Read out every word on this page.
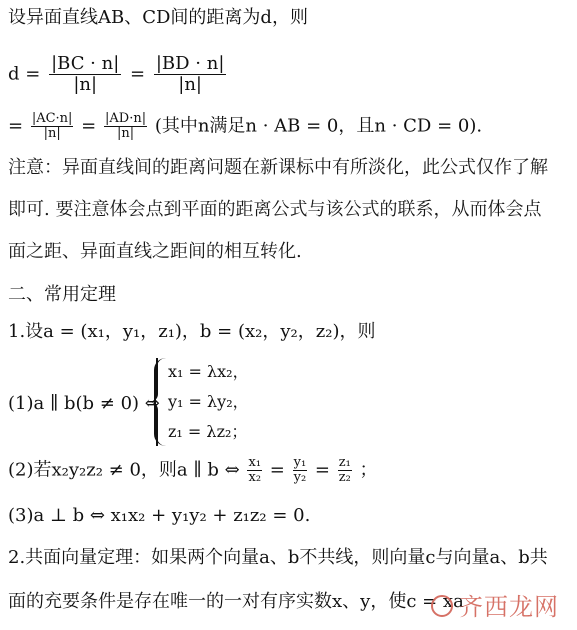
设异面直线AB、CD间的距离为d，则
$d = \frac{|BC \cdot n|}{|n|} = \frac{|BD \cdot n|}{|n|}$
= $\frac{|AC\cdot n|}{|n|} = \frac{|AD\cdot n|}{|n|}$ (其中n满足n · AB = 0，且n · CD = 0).
注意：异面直线间的距离问题在新课标中有所淡化，此公式仅作了解
即可. 要注意体会点到平面的距离公式与该公式的联系，从而体会点
面之距、异面直线之距间的相互转化.
二、常用定理
1.设a = (x₁，y₁，z₁)，b = (x₂，y₂，z₂)，则
(1)a ∥ b(b ≠ 0) ⇔
x₁ = λx₂，
y₁ = λy₂，
z₁ = λz₂；
(2)若x₂y₂z₂ ≠ 0，则a ∥ b ⇔ $\frac{\text{x₁}}{\text{x₂}} = \frac{\text{y₁}}{\text{y₂}} = \frac{\text{z₁}}{\text{z₂}}$ ；
(3)a ⊥ b ⇔ x₁x₂ + y₁y₂ + z₁z₂ = 0.
2.共面向量定理：如果两个向量a、b不共线，则向量c与向量a、b共
面的充要条件是存在唯一的一对有序实数x、y，使c = xa
齐西龙网
